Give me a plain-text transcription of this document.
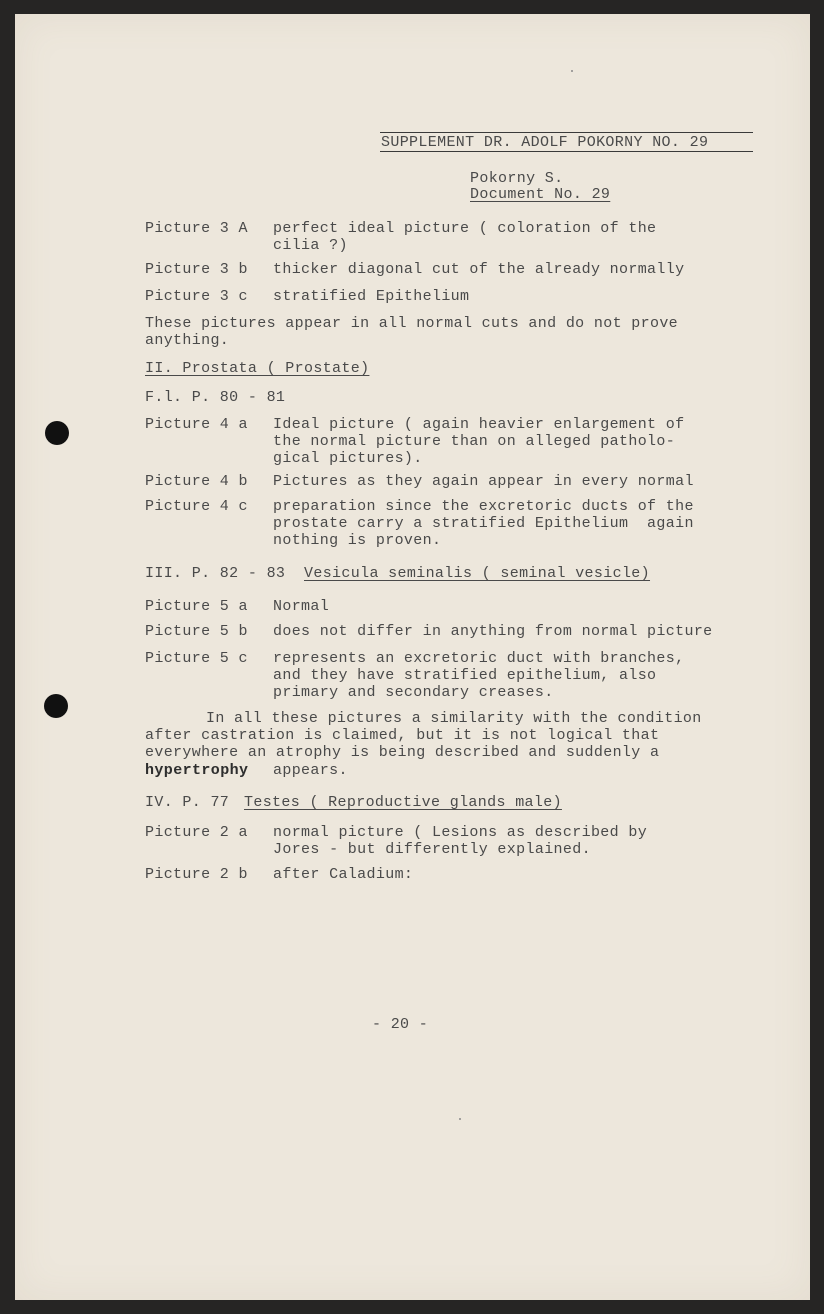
SUPPLEMENT DR. ADOLF POKORNY NO. 29
Pokorny S.
Document No. 29
Picture 3 A perfect ideal picture ( coloration of the
cilia ?)
Picture 3 b thicker diagonal cut of the already normally
Picture 3 c stratified Epithelium
These pictures appear in all normal cuts and do not prove
anything.
II. Prostata ( Prostate)
F.l. P. 80 - 81
Picture 4 a Ideal picture ( again heavier enlargement of
the normal picture than on alleged patholo-
gical pictures).
Picture 4 b Pictures as they again appear in every normal
Picture 4 c preparation since the excretoric ducts of the
prostate carry a stratified Epithelium  again
nothing is proven.
III. P. 82 - 83 Vesicula seminalis ( seminal vesicle)
Picture 5 a Normal
Picture 5 b does not differ in anything from normal picture
Picture 5 c represents an excretoric duct with branches,
and they have stratified epithelium, also
primary and secondary creases.
In all these pictures a similarity with the condition
after castration is claimed, but it is not logical that
everywhere an atrophy is being described and suddenly a
hypertrophy appears.
IV. P. 77 Testes ( Reproductive glands male)
Picture 2 a normal picture ( Lesions as described by
Jores - but differently explained.
Picture 2 b after Caladium:
- 20 -
